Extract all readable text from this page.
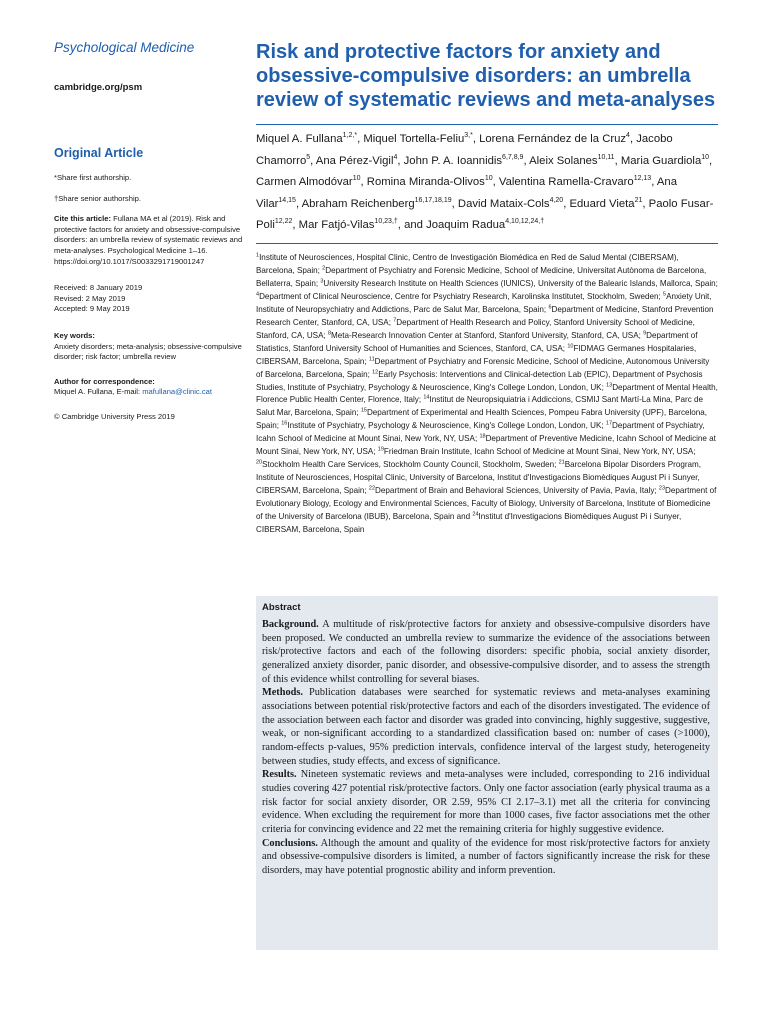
Psychological Medicine
cambridge.org/psm
Original Article
*Share first authorship.
†Share senior authorship.
Cite this article: Fullana MA et al (2019). Risk and protective factors for anxiety and obsessive-compulsive disorders: an umbrella review of systematic reviews and meta-analyses. Psychological Medicine 1–16. https://doi.org/10.1017/S0033291719001247
Received: 8 January 2019
Revised: 2 May 2019
Accepted: 9 May 2019
Key words:
Anxiety disorders; meta-analysis; obsessive-compulsive disorder; risk factor; umbrella review
Author for correspondence:
Miquel A. Fullana, E-mail: mafullana@clinic.cat
© Cambridge University Press 2019
Risk and protective factors for anxiety and obsessive-compulsive disorders: an umbrella review of systematic reviews and meta-analyses
Miquel A. Fullana$^{1,2,*}$, Miquel Tortella-Feliu$^{3,*}$, Lorena Fernández de la Cruz$^4$, Jacobo Chamorro$^5$, Ana Pérez-Vigil$^4$, John P. A. Ioannidis$^{6,7,8,9}$, Aleix Solanes$^{10,11}$, Maria Guardiola$^{10}$, Carmen Almodóvar$^{10}$, Romina Miranda-Olivos$^{10}$, Valentina Ramella-Cravaro$^{12,13}$, Ana Vilar$^{14,15}$, Abraham Reichenberg$^{16,17,18,19}$, David Mataix-Cols$^{4,20}$, Eduard Vieta$^{21}$, Paolo Fusar-Poli$^{12,22}$, Mar Fatjó-Vilas$^{10,23,\dagger}$, and Joaquim Radua$^{4,10,12,24,\dagger}$
$^1$Institute of Neurosciences, Hospital Clinic, Centro de Investigación Biomédica en Red de Salud Mental (CIBERSAM), Barcelona, Spain; $^2$Department of Psychiatry and Forensic Medicine, School of Medicine, Universitat Autònoma de Barcelona, Bellaterra, Spain; $^3$University Research Institute on Health Sciences (IUNICS), University of the Balearic Islands, Mallorca, Spain; $^4$Department of Clinical Neuroscience, Centre for Psychiatry Research, Karolinska Institutet, Stockholm, Sweden; $^5$Anxiety Unit, Institute of Neuropsychiatry and Addictions, Parc de Salut Mar, Barcelona, Spain; $^6$Department of Medicine, Stanford Prevention Research Center, Stanford, CA, USA; $^7$Department of Health Research and Policy, Stanford University School of Medicine, Stanford, CA, USA; $^8$Meta-Research Innovation Center at Stanford, Stanford University, Stanford, CA, USA; $^9$Department of Statistics, Stanford University School of Humanities and Sciences, Stanford, CA, USA; $^{10}$FIDMAG Germanes Hospitalaries, CIBERSAM, Barcelona, Spain; $^{11}$Department of Psychiatry and Forensic Medicine, School of Medicine, Autonomous University of Barcelona, Barcelona, Spain; $^{12}$Early Psychosis: Interventions and Clinical-detection Lab (EPIC), Department of Psychosis Studies, Institute of Psychiatry, Psychology & Neuroscience, King's College London, London, UK; $^{13}$Department of Mental Health, Florence Public Health Center, Florence, Italy; $^{14}$Institut de Neuropsiquiatria i Addiccions, CSMIJ Sant Martí-La Mina, Parc de Salut Mar, Barcelona, Spain; $^{15}$Department of Experimental and Health Sciences, Pompeu Fabra University (UPF), Barcelona, Spain; $^{16}$Institute of Psychiatry, Psychology & Neuroscience, King's College London, London, UK; $^{17}$Department of Psychiatry, Icahn School of Medicine at Mount Sinai, New York, NY, USA; $^{18}$Department of Preventive Medicine, Icahn School of Medicine at Mount Sinai, New York, NY, USA; $^{19}$Friedman Brain Institute, Icahn School of Medicine at Mount Sinai, New York, NY, USA; $^{20}$Stockholm Health Care Services, Stockholm County Council, Stockholm, Sweden; $^{21}$Barcelona Bipolar Disorders Program, Institute of Neurosciences, Hospital Clinic, University of Barcelona, Institut d'Investigacions Biomèdiques August Pi i Sunyer, CIBERSAM, Barcelona, Spain; $^{22}$Department of Brain and Behavioral Sciences, University of Pavia, Pavia, Italy; $^{23}$Department of Evolutionary Biology, Ecology and Environmental Sciences, Faculty of Biology, University of Barcelona, Institute of Biomedicine of the University of Barcelona (IBUB), Barcelona, Spain and $^{24}$Institut d'Investigacions Biomèdiques August Pi i Sunyer, CIBERSAM, Barcelona, Spain
Abstract

Background. A multitude of risk/protective factors for anxiety and obsessive-compulsive disorders have been proposed. We conducted an umbrella review to summarize the evidence of the associations between risk/protective factors and each of the following disorders: specific phobia, social anxiety disorder, generalized anxiety disorder, panic disorder, and obsessive-compulsive disorder, and to assess the strength of this evidence whilst controlling for several biases.

Methods. Publication databases were searched for systematic reviews and meta-analyses examining associations between potential risk/protective factors and each of the disorders investigated. The evidence of the association between each factor and disorder was graded into convincing, highly suggestive, suggestive, weak, or non-significant according to a standardized classification based on: number of cases (>1000), random-effects p-values, 95% prediction intervals, confidence interval of the largest study, heterogeneity between studies, study effects, and excess of significance.

Results. Nineteen systematic reviews and meta-analyses were included, corresponding to 216 individual studies covering 427 potential risk/protective factors. Only one factor association (early physical trauma as a risk factor for social anxiety disorder, OR 2.59, 95% CI 2.17–3.1) met all the criteria for convincing evidence. When excluding the requirement for more than 1000 cases, five factor associations met the other criteria for convincing evidence and 22 met the remaining criteria for highly suggestive evidence.

Conclusions. Although the amount and quality of the evidence for most risk/protective factors for anxiety and obsessive-compulsive disorders is limited, a number of factors significantly increase the risk for these disorders, may have potential prognostic ability and inform prevention.
